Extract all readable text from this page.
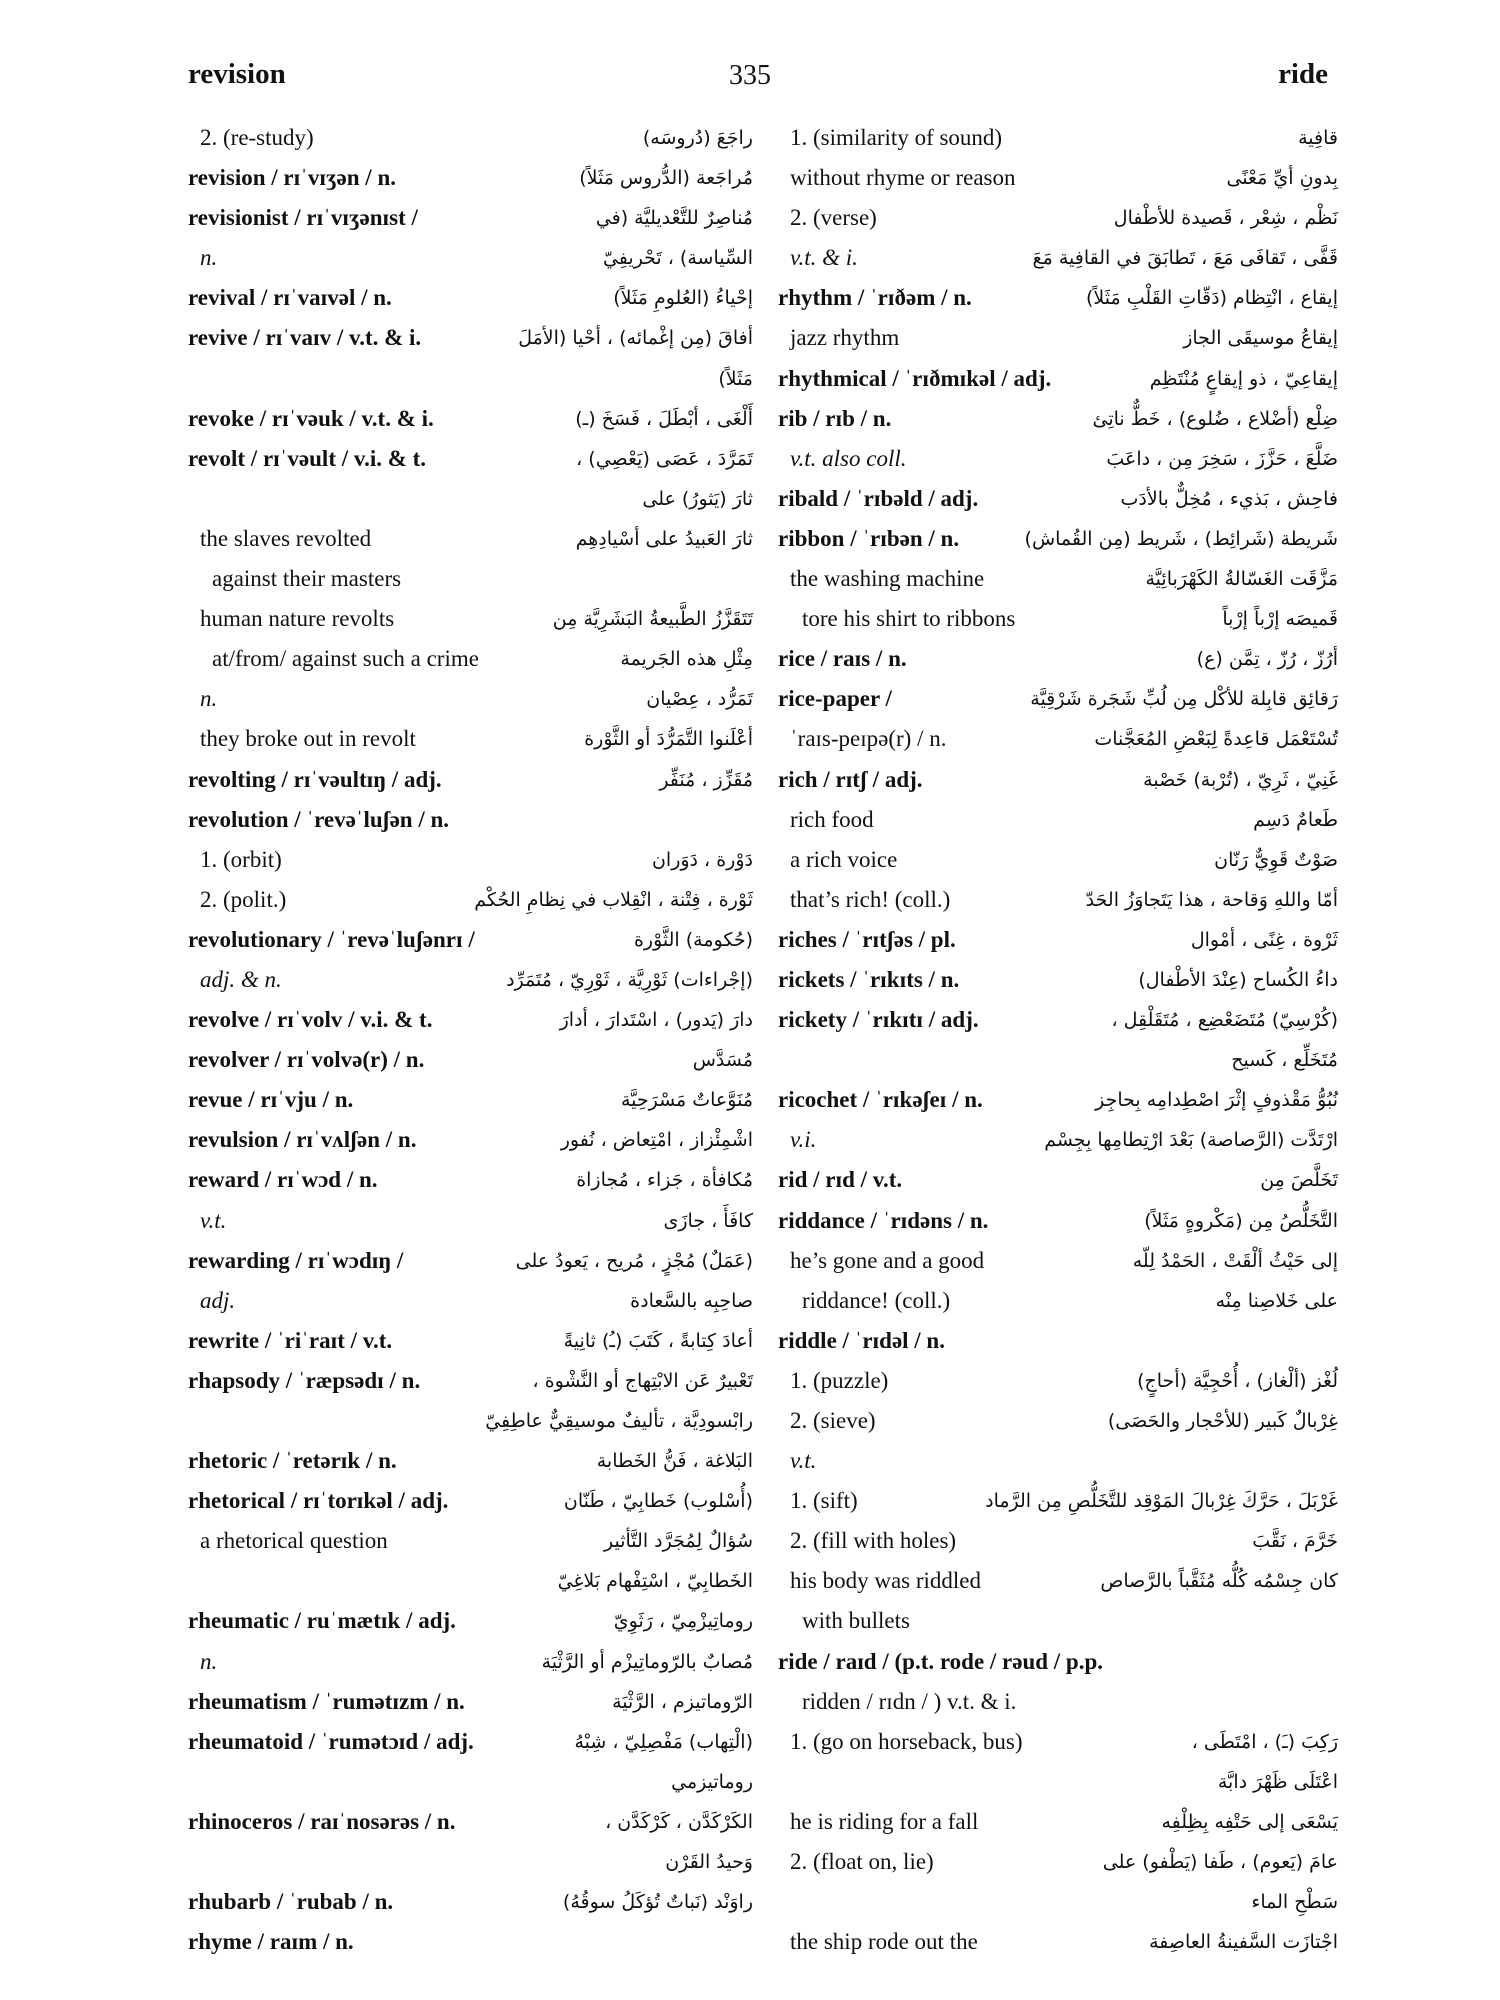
revision	335	ride
2. (re-study)	راجَعَ (دُروسَه)
revision / rɪˈvɪʒən / n.	مُراجَعة (الدُّروس مَثَلاً)
revisionist / rɪˈvɪʒənɪst /	مُناصِرٌ للتَّعْديليَّة (في
n.	السِّياسة) ، تَحْريفِيّ
revival / rɪˈvaɪvəl / n.	إحْياءُ (العُلومِ مَثَلاً)
revive / rɪˈvaɪv / v.t. & i.	أفاقَ (مِن إغْمائه) ، أحْيا (الأمَلَ
مَثَلاً)
revoke / rɪˈvəuk / v.t. & i.	أَلْغَى ، أبْطَلَ ، فَسَخَ (ـ)
revolt / rɪˈvəult / v.i. & t.	تَمَرَّدَ ، عَصَى (يَعْصِي) ،
ثارَ (يَثورُ) على
the slaves revolted	ثارَ العَبيدُ على أسْيادِهِم
against their masters
human nature revolts	تَتَقَزَّزُ الطَّبيعةُ البَشَرِيَّة مِن
at/from/ against such a crime	مِثْلِ هذه الجَريمة
n.	تَمَرُّد ، عِصْيان
they broke out in revolt	أعْلَنوا التَّمَرُّدَ أو الثَّوْرة
revolting / rɪˈvəultɪŋ / adj.	مُقَزِّز ، مُنَفِّر
revolution / ˈrevəˈluʃən / n.
1. (orbit)	دَوْرة ، دَوَران
2. (polit.)	ثَوْرة ، فِتْنة ، انْقِلاب في نِظامِ الحُكْم
revolutionary / ˈrevəˈluʃənrɪ /	(حُكومة) الثَّوْرة
adj. & n.	(إجْراءات) ثَوْرِيَّة ، ثَوْرِيّ ، مُتَمَرِّد
revolve / rɪˈvolv / v.i. & t.	دارَ (يَدور) ، اسْتَدارَ ، أدارَ
revolver / rɪˈvolvə(r) / n.	مُسَدَّس
revue / rɪˈvju / n.	مُنَوَّعاتٌ مَسْرَحِيَّة
revulsion / rɪˈvʌlʃən / n.	اشْمِئْزاز ، امْتِعاض ، نُفور
reward / rɪˈwɔd / n.	مُكافأة ، جَزاء ، مُجازاة
v.t.	كافَأَ ، جازَى
rewarding / rɪˈwɔdɪŋ /	(عَمَلٌ) مُجْزٍ ، مُريح ، يَعودُ على
adj.	صاحِبِه بالسَّعادة
rewrite / ˈriˈraɪt / v.t.	أعادَ كِتابةً ، كَتَبَ (ـُ) ثانِيةً
rhapsody / ˈræpsədɪ / n.	تَعْبيرٌ عَن الابْتِهاج أو النَّشْوة ،
رابْسودِيَّة ، تأليفٌ موسيقِيٌّ عاطِفِيّ
rhetoric / ˈretərɪk / n.	البَلاغة ، فَنُّ الخَطابة
rhetorical / rɪˈtorɪkəl / adj.	(أُسْلوب) خَطابِيّ ، طَنّان
a rhetorical question	سُؤالٌ لِمُجَرَّد التَّأثير
الخَطابِيّ ، اسْتِفْهام بَلاغِيّ
rheumatic / ruˈmætɪk / adj.	روماتِيزْمِيّ ، رَثَوِيّ
n.	مُصابٌ بالرّوماتِيزْم أو الرَّثْيَة
rheumatism / ˈrumətɪzm / n.	الرّوماتيزم ، الرَّثْيَة
rheumatoid / ˈrumətɔɪd / adj.	(الْتِهاب) مَفْصِلِيّ ، شِبْهُ
روماتيزمي
rhinoceros / raɪˈnosərəs / n.	الكَرْكَدَّن ، كَرْكَدَّن ،
وَحيدُ القَرْن
rhubarb / ˈrubab / n.	راوَنْد (نَباتٌ تُؤكَلُ سوقُهُ)
rhyme / raɪm / n.
1. (similarity of sound)	قافِية
without rhyme or reason	بِدونِ أيِّ مَعْنًى
2. (verse)	نَظْم ، شِعْر ، قَصيدة للأطْفال
v.t. & i.	قَفَّى ، تَقافَى مَعَ ، تَطابَقَ في القافِية مَعَ
rhythm / ˈrɪðəm / n.	إيقاع ، انْتِظام (دَقّاتِ القَلْبِ مَثَلاً)
jazz rhythm	إيقاعُ موسيقَى الجاز
rhythmical / ˈrɪðmɪkəl / adj.	إيقاعِيّ ، ذو إيقاعٍ مُنْتَظِم
rib / rɪb / n.	ضِلْع (أضْلاع ، ضُلوع) ، خَطٌّ ناتِئ
v.t. also coll.	ضَلَّعَ ، حَزَّزَ ، سَخِرَ مِن ، داعَبَ
ribald / ˈrɪbəld / adj.	فاحِش ، بَذيء ، مُخِلٌّ بالأدَب
ribbon / ˈrɪbən / n.	شَريطة (شَرائِط) ، شَريط (مِن القُماش)
the washing machine	مَزَّقَت الغَسّالةُ الكَهْرَبائِيَّة
tore his shirt to ribbons	قَميصَه إرْباً إرْباً
rice / raɪs / n.	أرُزّ ، رُزّ ، تِمَّن (ع)
rice-paper /	رَقائِق قابِلة للأكْل مِن لُبِّ شَجَرة شَرْقِيَّة
ˈraɪs-peɪpə(r) / n.	تُسْتَعْمَل قاعِدةً لِبَعْضِ المُعَجَّنات
rich / rɪtʃ / adj.	غَنِيّ ، ثَرِيّ ، (تُرْبة) خَصْبة
rich food	طَعامٌ دَسِم
a rich voice	صَوْتٌ قَوِيٌّ رَنّان
that’s rich! (coll.)	أمّا واللهِ وَقاحة ، هذا يَتَجاوَزُ الحَدّ
riches / ˈrɪtʃəs / pl.	ثَرْوة ، غِنًى ، أمْوال
rickets / ˈrɪkɪts / n.	داءُ الكُساح (عِنْدَ الأطْفال)
rickety / ˈrɪkɪtɪ / adj.	(كُرْسِيّ) مُتَضَعْضِع ، مُتَقَلْقِل ،
مُتَخَلِّع ، كَسيح
ricochet / ˈrɪkəʃeɪ / n.	نُبُوُّ مَقْذوفٍ إثْرَ اصْطِدامِه بِحاجِز
v.i.	ارْتَدَّت (الرَّصاصة) بَعْدَ ارْتِطامِها بِجِسْم
rid / rɪd / v.t.	تَخَلَّصَ مِن
riddance / ˈrɪdəns / n.	التَّخَلُّصُ مِن (مَكْروهٍ مَثَلاً)
he’s gone and a good	إلى حَيْثُ ألْقَتْ ، الحَمْدُ لِلّه
riddance! (coll.)	على خَلاصِنا مِنْه
riddle / ˈrɪdəl / n.
1. (puzzle)	لُغْز (ألْغاز) ، أُحْجِيَّة (أحاجٍ)
2. (sieve)	غِرْبالٌ كَبير (للأحْجار والحَصَى)
v.t.
1. (sift)	غَرْبَلَ ، حَرَّكَ غِرْبالَ المَوْقِد للتَّخَلُّصِ مِن الرَّماد
2. (fill with holes)	خَرَّمَ ، نَقَّبَ
his body was riddled	كان جِسْمُه كُلُّه مُثَقَّباً بالرَّصاص
with bullets
ride / raɪd / (p.t. rode / rəud / p.p.
ridden / rɪdn / ) v.t. & i.
1. (go on horseback, bus)	رَكِبَ (ـَ) ، امْتَطَى ،
اعْتَلَى ظَهْرَ دابَّة
he is riding for a fall	يَسْعَى إلى حَتْفِه بِظِلْفِه
2. (float on, lie)	عامَ (يَعوم) ، طَفا (يَطْفو) على
سَطْحِ الماء
the ship rode out the	اجْتازَت السَّفينةُ العاصِفة
